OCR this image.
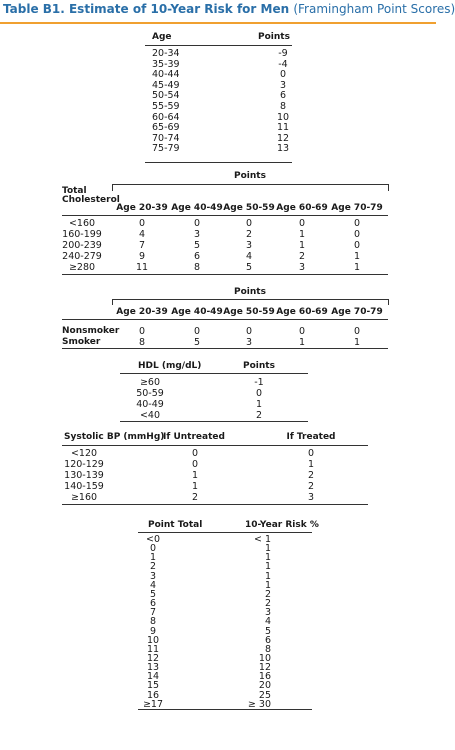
Table B1. Estimate of 10-Year Risk for Men (Framingham Point Scores)
Age	Points
20-34	-9
35-39	-4
40-44	0
45-49	3
50-54	6
55-59	8
60-64	10
65-69	11
70-74	12
75-79	13
Points
Total
Cholesterol
Age 20-39 Age 40-49 Age 50-59 Age 60-69 Age 70-79
<160	0	0	0	0	0
160-199	4	3	2	1	0
200-239	7	5	3	1	0
240-279	9	6	4	2	1
≥280	11	8	5	3	1
Points
Age 20-39 Age 40-49 Age 50-59 Age 60-69 Age 70-79
Nonsmoker 0	0	0	0	0
Smoker	8	5	3	1	1
HDL (mg/dL)	Points
≥60	-1
50-59	0
40-49	1
<40	2
Systolic BP (mmHg)
If Untreated	If Treated
<120	0	0
120-129	0	1
130-139	1	2
140-159	1	2
≥160	2	3
Point Total	10-Year Risk %
<0	< 1
0	1
1	1
2	1
3	1
4	1
5	2
6	2
7	3
8	4
9	5
10	6
11	8
12	10
13	12
14	16
15	20
16	25
≥17	≥ 30
